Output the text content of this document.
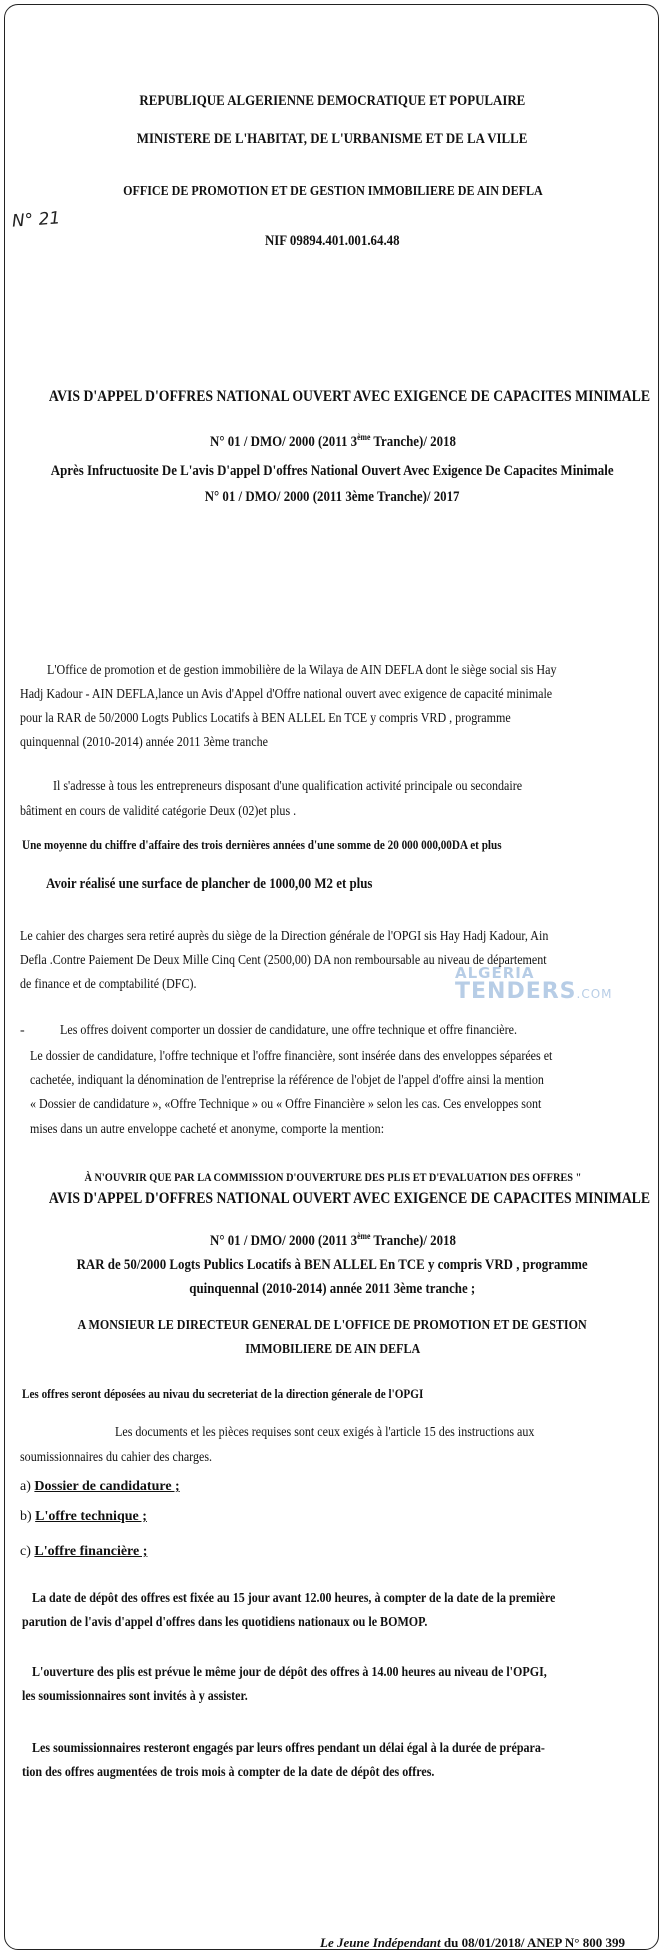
REPUBLIQUE ALGERIENNE DEMOCRATIQUE ET POPULAIRE
MINISTERE DE L'HABITAT, DE L'URBANISME ET DE LA VILLE
OFFICE DE PROMOTION ET DE GESTION IMMOBILIERE DE AIN DEFLA
NIF 09894.401.001.64.48
N° 21
AVIS D'APPEL D'OFFRES NATIONAL OUVERT AVEC EXIGENCE DE CAPACITES MINIMALE
N° 01 / DMO/ 2000 (2011 3ème Tranche)/ 2018
Après Infructuosite De L'avis D'appel D'offres National Ouvert Avec Exigence De Capacites Minimale
N° 01 / DMO/ 2000 (2011 3ème Tranche)/ 2017
L'Office de promotion et de gestion immobilière de la Wilaya de AIN DEFLA dont le siège social sis Hay
Hadj Kadour - AIN DEFLA,lance un Avis d'Appel d'Offre national ouvert avec exigence de capacité minimale
pour la RAR de 50/2000 Logts Publics Locatifs à BEN ALLEL En TCE y compris VRD , programme
quinquennal (2010-2014) année 2011 3ème tranche
Il s'adresse à tous les entrepreneurs disposant d'une qualification activité principale ou secondaire
bâtiment en cours de validité catégorie Deux (02)et plus .
Une moyenne du chiffre d'affaire des trois dernières années d'une somme de 20 000 000,00DA et plus
Avoir réalisé une surface de plancher de 1000,00 M2 et plus
Le cahier des charges sera retiré auprès du siège de la Direction générale de l'OPGI sis Hay Hadj Kadour, Ain
Defla .Contre Paiement De Deux Mille Cinq Cent (2500,00) DA non remboursable au niveau de département
de finance et de comptabilité (DFC).
ALGERIA
TENDERS.COM
-	Les offres doivent comporter un dossier de candidature, une offre technique et offre financière.
Le dossier de candidature, l'offre technique et l'offre financière, sont insérée dans des enveloppes séparées et
cachetée, indiquant la dénomination de l'entreprise la référence de l'objet de l'appel d'offre ainsi la mention
« Dossier de candidature », «Offre Technique » ou « Offre Financière » selon les cas. Ces enveloppes sont
mises dans un autre enveloppe cacheté et anonyme, comporte la mention:
À N'OUVRIR QUE PAR LA COMMISSION D'OUVERTURE DES PLIS ET D'EVALUATION DES OFFRES "
AVIS D'APPEL D'OFFRES NATIONAL OUVERT AVEC EXIGENCE DE CAPACITES MINIMALE
N° 01 / DMO/ 2000 (2011 3ème Tranche)/ 2018
RAR de 50/2000 Logts Publics Locatifs à BEN ALLEL En TCE y compris VRD , programme
quinquennal (2010-2014) année 2011 3ème tranche ;
A MONSIEUR LE DIRECTEUR GENERAL DE L'OFFICE DE PROMOTION ET DE GESTION
IMMOBILIERE DE AIN DEFLA
Les offres seront déposées au nivau du secreteriat de la direction génerale de l'OPGI
Les documents et les pièces requises sont ceux exigés à l'article 15 des instructions aux
soumissionnaires du cahier des charges.
a) Dossier de candidature ;
b) L'offre technique ;
c) L'offre financière ;
La date de dépôt des offres est fixée au 15 jour avant 12.00 heures, à compter de la date de la première
parution de l'avis d'appel d'offres dans les quotidiens nationaux ou le BOMOP.
L'ouverture des plis est prévue le même jour de dépôt des offres à 14.00 heures au niveau de l'OPGI,
les soumissionnaires sont invités à y assister.
Les soumissionnaires resteront engagés par leurs offres pendant un délai égal à la durée de prépara-
tion des offres augmentées de trois mois à compter de la date de dépôt des offres.
Le Jeune Indépendant du 08/01/2018/ ANEP N° 800 399
